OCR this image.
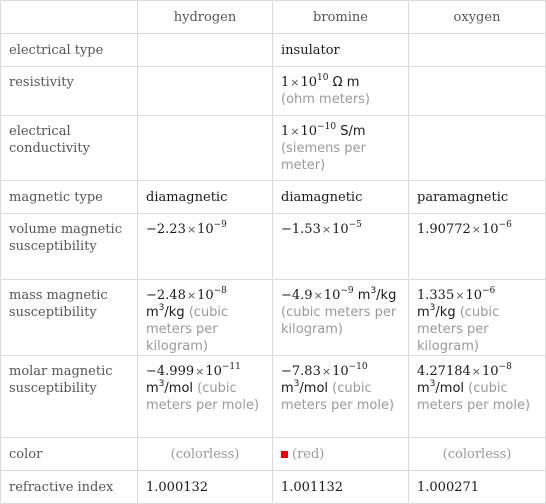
	hydrogen	bromine	oxygen
electrical type		insulator	
resistivity		$1\times 10^{10}$ Ω m
(ohm meters)	
electrical conductivity		$1\times 10^{-10}$ S/m
(siemens per meter)	
magnetic type	diamagnetic	diamagnetic	paramagnetic
volume magnetic susceptibility	$-2.23\times 10^{-9}$	$-1.53\times 10^{-5}$	$1.90772\times 10^{-6}$
mass magnetic susceptibility	$-2.48\times 10^{-8}$ $m^3/kg$ (cubic meters per kilogram)	$-4.9\times 10^{-9}$ $m^3/kg$ (cubic meters per kilogram)	$1.335\times 10^{-6}$ $m^3/kg$ (cubic meters per kilogram)
molar magnetic susceptibility	$-4.999\times 10^{-11}$ $m^3$/mol (cubic meters per mole)	$-7.83\times 10^{-10}$ $m^3$/mol (cubic meters per mole)	$4.27184\times 10^{-8}$ $m^3$/mol (cubic meters per mole)
color	(colorless)	(red)	(colorless)
refractive index	1.000132	1.001132	1.000271
